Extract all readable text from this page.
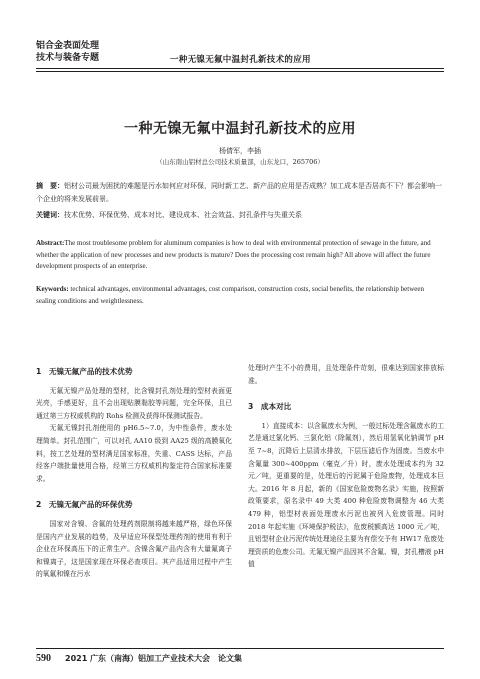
铝合金表面处理
技术与装备专题	一种无镍无氟中温封孔新技术的应用
一种无镍无氟中温封孔新技术的应用
杨倩军，李插
（山东南山铝材总公司技术质量部，山东龙口，265706）
摘　要：铝材公司最为困扰的难题是污水如何应对环保，同时新工艺、新产品的应用是否成熟？加工成本是否居高不下？都会影响一个企业的将来发展前景。
关键词：技术优势、环保优势、成本对比、建设成本、社会效益、封孔条件与失重关系
Abstract:The most troublesome problem for aluminum companies is how to deal with environmental protection of sewage in the future, and whether the application of new processes and new products is mature? Does the processing cost remain high? All above will affect the future development prospects of an enterprise.
Keywords: technical advantages, environmental advantages, cost comparison, construction costs, social benefits, the relationship between sealing conditions and weightlessness.
1　无镍无氟产品的技术优势

无氟无镍产品处理的型材，比含镍封孔剂处理的型材表面更光亮，手感更好，且不会出现贴膜黏胶等问题，完全环保，且已通过第三方权威机构的 Rohs 检测及获得环保测试报告。

无氟无镍封孔剂使用的 pH6.5~7.0，为中性条件，废水处理简单。封孔范围广，可以对孔 AA10 级到 AA25 级的高膜氧化料，按工艺处理的型材满足国家标准，失重、CASS 达标，产品经客户端批量使用合格，经第三方权威机构鉴定符合国家标准要求。

2　无镍无氟产品的环保优势

国家对含镍、含氟的处理药剂限制将越来越严格，绿色环保是国内产业发展的趋势，及早适应环保型处理药剂的使用有利于企业在环保高压下的正常生产。含镍含氟产品内含有大量氟离子和镍离子，这是国家现在环保必查项目。其产品适用过程中产生的氧氟和镍在污水

处理时产生不小的费用，且处理条件苛刻，很难达到国家排放标准。

3　成本对比

1）直接成本：以含氟废水为例，一般过标处理含氟废水的工艺是通过氯化钙、三氯化铝（除氟剂），然后用氢氧化钠调节 pH 至 7~8，沉降后上层清水排放，下层压滤后作为固废。当废水中含氟量 300~400ppm（毫克／升）时，废水处理成本约为 32 元／吨，更重要的是，处理后的污泥属于危险废物，处理成本巨大。2016 年 8 月起，新的《国家危险废物名录》实施，按照新政策要求，原名录中 49 大类 400 种危险废物调整为 46 大类 479 种，铝型材表面处理废水污泥也被列入危废管理。同时 2018 年起实施《环境保护税法》，危废税额高达 1000 元／吨，且铝型材企业污泥传统处理途径主要为有偿交予有 HW17 危废处理资质的危废公司。无氟无镍产品因其不含氟、镍，封孔槽液 pH 值

590 2021 广东（南海）铝加工产业技术大会　论文集
